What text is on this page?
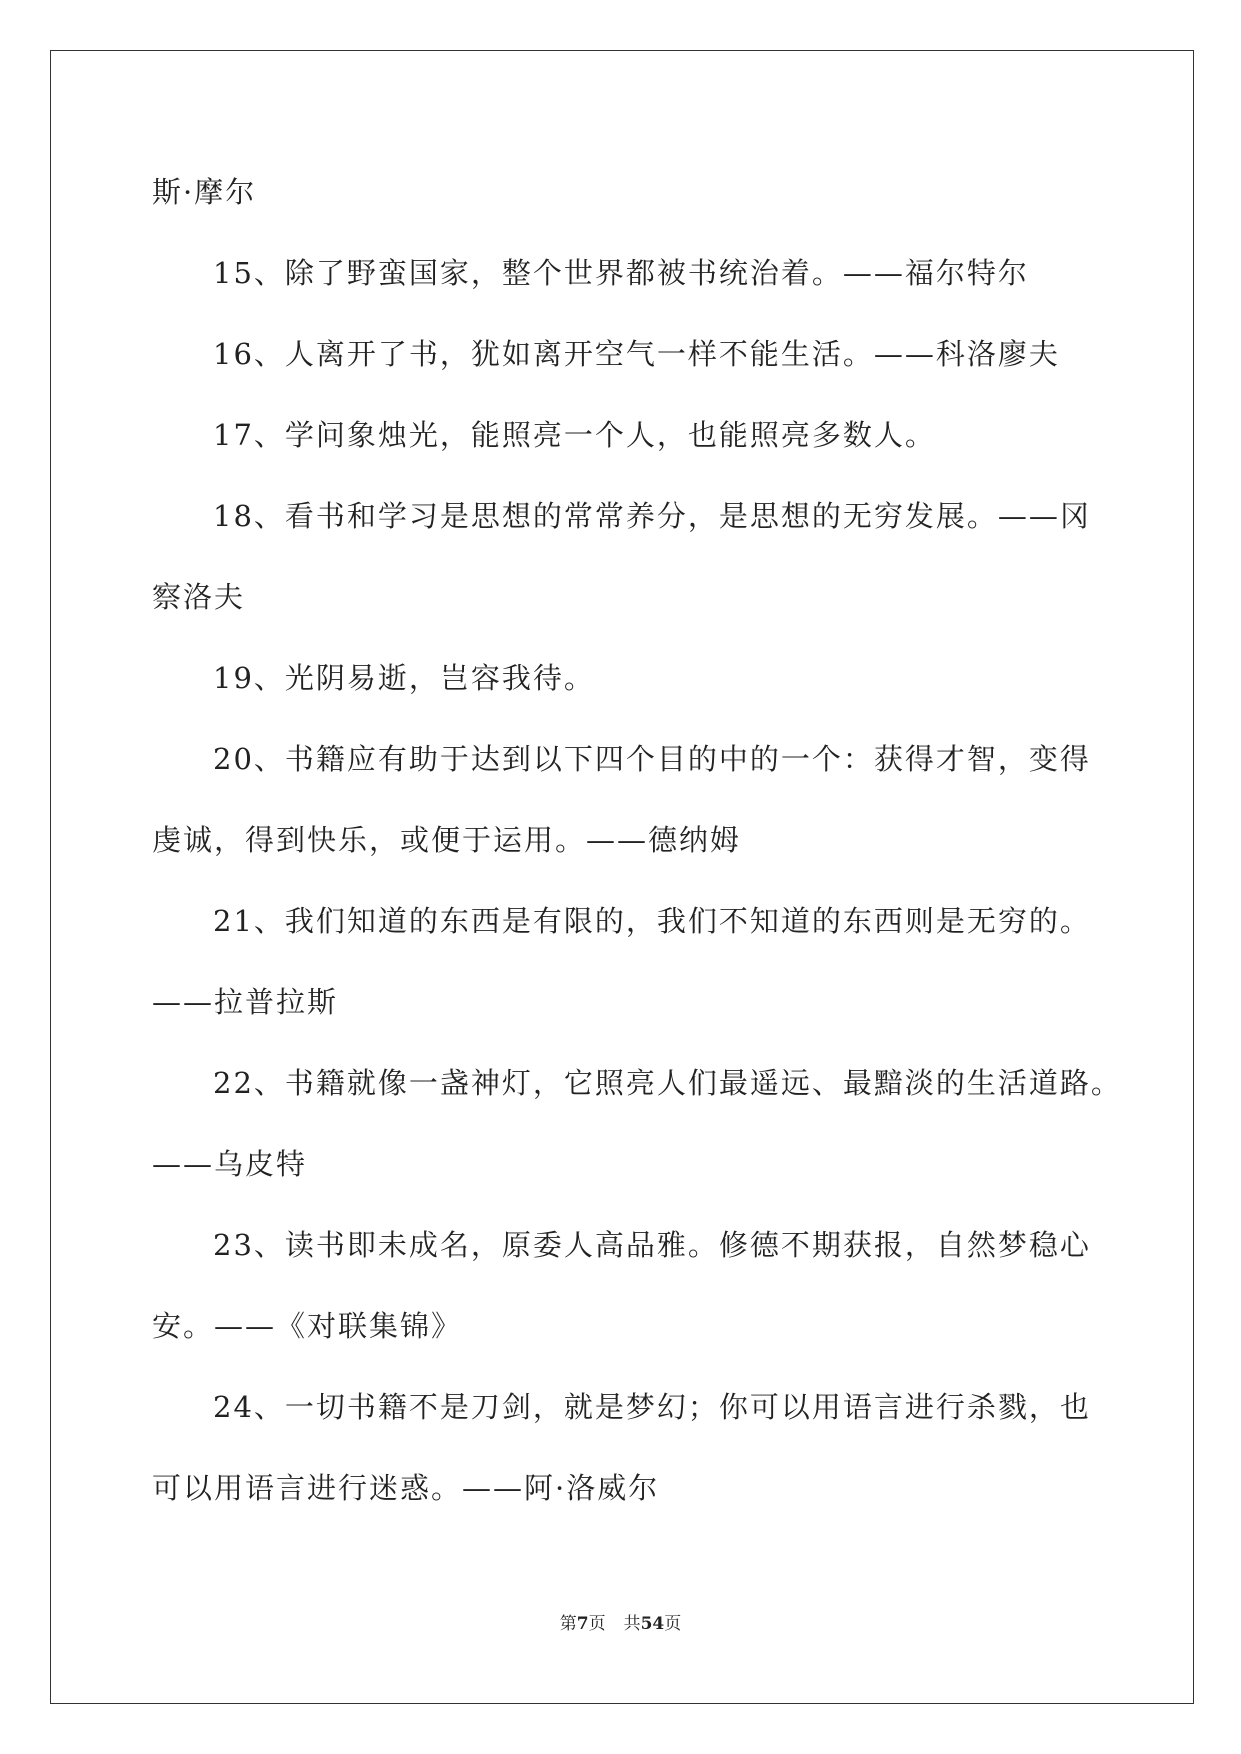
斯·摩尔
15、除了野蛮国家，整个世界都被书统治着。——福尔特尔
16、人离开了书，犹如离开空气一样不能生活。——科洛廖夫
17、学问象烛光，能照亮一个人，也能照亮多数人。
18、看书和学习是思想的常常养分，是思想的无穷发展。——冈
察洛夫
19、光阴易逝，岂容我待。
20、书籍应有助于达到以下四个目的中的一个：获得才智，变得
虔诚，得到快乐，或便于运用。——德纳姆
21、我们知道的东西是有限的，我们不知道的东西则是无穷的。
——拉普拉斯
22、书籍就像一盏神灯，它照亮人们最遥远、最黯淡的生活道路。
——乌皮特
23、读书即未成名，原委人高品雅。修德不期获报，自然梦稳心
安。——《对联集锦》
24、一切书籍不是刀剑，就是梦幻；你可以用语言进行杀戮，也
可以用语言进行迷惑。——阿·洛威尔
第7页 共54页
